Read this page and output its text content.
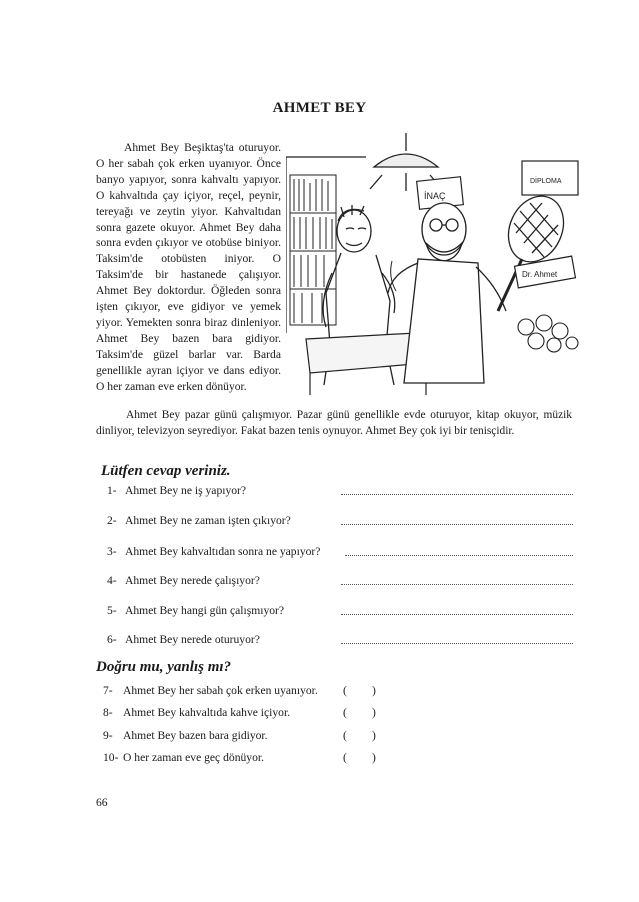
AHMET BEY

Ahmet Bey Beşiktaş'ta oturuyor. O her sabah çok erken uyanıyor. Önce banyo yapıyor, sonra kahvaltı yapıyor. O kahvaltıda çay içiyor, reçel, peynir, tereyağı ve zeytin yiyor. Kahvaltıdan sonra gazete okuyor. Ahmet Bey daha sonra evden çıkıyor ve otobüse biniyor. Taksim'de otobüsten iniyor. O Taksim'de bir hastanede çalışıyor. Ahmet Bey doktordur. Öğleden sonra işten çıkıyor, eve gidiyor ve yemek yiyor. Yemekten sonra biraz dinleniyor. Ahmet Bey bazen bara gidiyor. Taksim'de güzel barlar var. Barda genellikle ayran içiyor ve dans ediyor. O her zaman eve erken dönüyor.

İNAÇ
DİPLOMA
Dr. Ahmet
Ahmet Bey pazar günü çalışmıyor. Pazar günü genellikle evde oturuyor, kitap okuyor, müzik dinliyor, televizyon seyrediyor. Fakat bazen tenis oynuyor. Ahmet Bey çok iyi bir tenisçidir.
Lütfen cevap veriniz.
1- Ahmet Bey ne iş yapıyor?
2- Ahmet Bey ne zaman işten çıkıyor?
3- Ahmet Bey kahvaltıdan sonra ne yapıyor?
4- Ahmet Bey nerede çalışıyor?
5- Ahmet Bey hangi gün çalışmıyor?
6- Ahmet Bey nerede oturuyor?
Doğru mu, yanlış mı?
7- Ahmet Bey her sabah çok erken uyanıyor. ( )
8- Ahmet Bey kahvaltıda kahve içiyor.	( )
9- Ahmet Bey bazen bara gidiyor.	( )
10- O her zaman eve geç dönüyor.	( )
66
